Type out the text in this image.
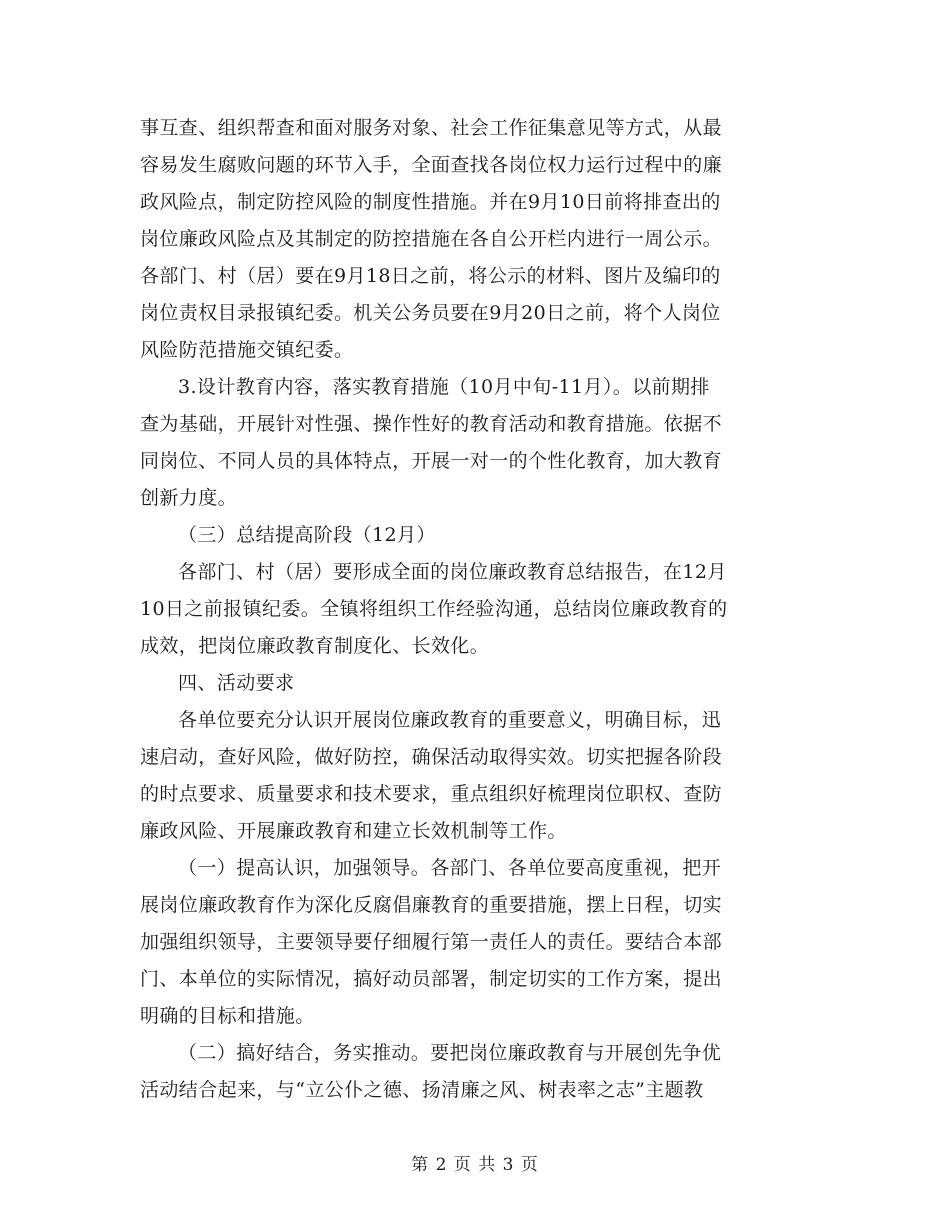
事互查、组织帮查和面对服务对象、社会工作征集意见等方式，从最
容易发生腐败问题的环节入手，全面查找各岗位权力运行过程中的廉
政风险点，制定防控风险的制度性措施。并在9月10日前将排查出的
岗位廉政风险点及其制定的防控措施在各自公开栏内进行一周公示。
各部门、村（居）要在9月18日之前，将公示的材料、图片及编印的
岗位责权目录报镇纪委。机关公务员要在9月20日之前，将个人岗位
风险防范措施交镇纪委。
3.设计教育内容，落实教育措施（10月中旬-11月）。以前期排
查为基础，开展针对性强、操作性好的教育活动和教育措施。依据不
同岗位、不同人员的具体特点，开展一对一的个性化教育，加大教育
创新力度。
（三）总结提高阶段（12月）
各部门、村（居）要形成全面的岗位廉政教育总结报告，在12月
10日之前报镇纪委。全镇将组织工作经验沟通，总结岗位廉政教育的
成效，把岗位廉政教育制度化、长效化。
四、活动要求
各单位要充分认识开展岗位廉政教育的重要意义，明确目标，迅
速启动，查好风险，做好防控，确保活动取得实效。切实把握各阶段
的时点要求、质量要求和技术要求，重点组织好梳理岗位职权、查防
廉政风险、开展廉政教育和建立长效机制等工作。
（一）提高认识，加强领导。各部门、各单位要高度重视，把开
展岗位廉政教育作为深化反腐倡廉教育的重要措施，摆上日程，切实
加强组织领导，主要领导要仔细履行第一责任人的责任。要结合本部
门、本单位的实际情况，搞好动员部署，制定切实的工作方案，提出
明确的目标和措施。
（二）搞好结合，务实推动。要把岗位廉政教育与开展创先争优
活动结合起来，与“立公仆之德、扬清廉之风、树表率之志”主题教
第 2 页 共 3 页
